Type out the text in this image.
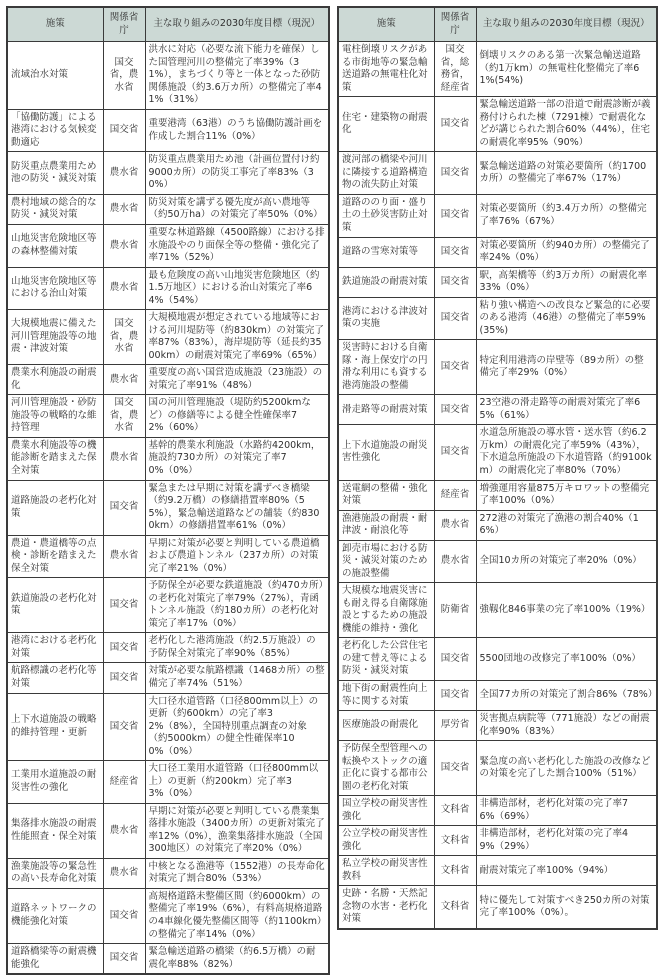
施策	関係省庁	主な取り組みの2030年度目標（現況）
流域治水対策	国交省，農水省	洪水に対応（必要な流下能力を確保）した国管理河川の整備完了率39%（31%），まちづくり等と一体となった砂防関係施設（約3.6万カ所）の整備完了率41%（31%）
「協働防護」による港湾における気候変動適応	国交省	重要港湾（63港）のうち協働防護計画を作成した割合11%（0%）
防災重点農業用ため池の防災・減災対策	農水省	防災重点農業用ため池（計画位置付け約9000カ所）の防災工事完了率83%（30%）
農村地域の総合的な防災・減災対策	農水省	防災対策を講ずる優先度が高い農地等（約50万ha）の対策完了率50%（0%）
山地災害危険地区等の森林整備対策	農水省	重要な林道路線（4500路線）における排水施設やのり面保全等の整備・強化完了率71%（52%）
山地災害危険地区等における治山対策	農水省	最も危険度の高い山地災害危険地区（約1.5万地区）における治山対策完了率64%（54%）
大規模地震に備えた河川管理施設等の地震・津波対策	国交省，農水省	大規模地震が想定されている地域等における河川堤防等（約830km）の対策完了率87%（83%），海岸堤防等（延長約3500km）の耐震対策完了率69%（65%）
農業水利施設の耐震化	農水省	重要度の高い国営造成施設（23施設）の対策完了率91%（48%）
河川管理施設・砂防施設等の戦略的な維持管理	国交省，農水省	国の河川管理施設（堤防約5200kmなど）の修繕等による健全性確保率72%（60%）
農業水利施設等の機能診断を踏まえた保全対策	農水省	基幹的農業水利施設（水路約4200km，施設約730カ所）の対策完了率70%（0%）
道路施設の老朽化対策	国交省	緊急または早期に対策を講ずべき橋梁（約9.2万橋）の修繕措置率80%（55%），緊急輸送道路などの舗装（約8300km）の修繕措置率61%（0%）
農道・農道橋等の点検・診断を踏まえた保全対策	農水省	早期に対策が必要と判明している農道橋および農道トンネル（237カ所）の対策完了率21%（0%）
鉄道施設の老朽化対策	国交省	予防保全が必要な鉄道施設（約470カ所）の老朽化対策完了率79%（27%），青函トンネル施設（約180カ所）の老朽化対策完了率17%（0%）
港湾における老朽化対策	国交省	老朽化した港湾施設（約2.5万施設）の予防保全対策完了率90%（85%）
航路標識の老朽化等対策	国交省	対策が必要な航路標識（1468カ所）の整備完了率74%（51%）
上下水道施設の戦略的維持管理・更新	国交省	大口径水道管路（口径800mm以上）の更新（約600km）の完了率32%（8%），全国特別重点調査の対象（約5000km）の健全性確保率100%（0%）
工業用水道施設の耐災害性の強化	経産省	大口径工業用水道管路（口径800mm以上）の更新（約200km）完了率33%（0%）
集落排水施設の耐震性能照査・保全対策	農水省	早期に対策が必要と判明している農業集落排水施設（3400カ所）の更新対策完了率12%（0%），漁業集落排水施設（全国300地区）の対策完了率20%（0%）
漁業施設等の緊急性の高い長寿命化対策	農水省	中核となる漁港等（1552港）の長寿命化対策完了割合80%（53%）
道路ネットワークの機能強化対策	国交省	高規格道路未整備区間（約6000km）の整備完了率19%（6%），有料高規格道路の4車線化優先整備区間等（約1100km）の整備完了率14%（0%）
道路橋梁等の耐震機能強化	国交省	緊急輸送道路の橋梁（約6.5万橋）の耐震化率88%（82%）
施策	関係省庁	主な取り組みの2030年度目標（現況）
電柱倒壊リスクがある市街地等の緊急輸送道路の無電柱化対策	国交省，総務省，経産省	倒壊リスクのある第一次緊急輸送道路（約1万km）の無電柱化整備完了率61%(54%)
住宅・建築物の耐震化	国交省	緊急輸送道路一部の沿道で耐震診断が義務付けられた棟（7291棟）で耐震化などが講じられた割合60%（44%），住宅の耐震化率95%（90%）
渡河部の橋梁や河川に隣接する道路構造物の流失防止対策	国交省	緊急輸送道路の対策必要箇所（約1700カ所）の整備完了率67%（17%）
道路ののり面・盛り土の土砂災害防止対策	国交省	対策必要箇所（約3.4万カ所）の整備完了率76%（67%）
道路の雪寒対策等	国交省	対策必要箇所（約940カ所）の整備完了率24%（0%）
鉄道施設の耐震対策	国交省	駅，高架橋等（約3万カ所）の耐震化率33%（0%）
港湾における津波対策の実施	国交省	粘り強い構造への改良など緊急的に必要のある港湾（46港）の整備完了率59%(35%)
災害時における自衛隊・海上保安庁の円滑な利用にも資する港湾施設の整備	国交省	特定利用港湾の岸壁等（89カ所）の整備完了率29%（0%）
滑走路等の耐震対策	国交省	23空港の滑走路等の耐震対策完了率65%（61%）
上下水道施設の耐災害性強化	国交省	水道急所施設の導水管・送水管（約6.2万km）の耐震化完了率59%（43%），下水道急所施設の下水道管路（約9100km）の耐震化完了率80%（70%）
送電網の整備・強化対策	経産省	増強運用容量875万キロワットの整備完了率100%（0%）
漁港施設の耐震・耐津波・耐浪化等	農水省	272港の対策完了漁港の割合40%（16%）
卸売市場における防災・減災対策のための施設整備	農水省	全国10カ所の対策完了率20%（0%）
大規模な地震災害にも耐え得る自衛隊施設とするための施設機能の維持・強化	防衛省	強靱化846事業の完了率100%（19%）
老朽化した公営住宅の建て替え等による防災・減災対策	国交省	5500団地の改修完了率100%（0%）
地下街の耐震性向上等に関する対策	国交省	全国77カ所の対策完了割合86%（78%）
医療施設の耐震化	厚労省	災害拠点病院等（771施設）などの耐震化率90%（83%）
予防保全型管理への転換やストックの適正化に資する都市公園の老朽化対策	国交省	緊急度の高い老朽化した施設の改修などの対策を完了した割合100%（51%）
国立学校の耐災害性強化	文科省	非構造部材，老朽化対策の完了率76%（69%）
公立学校の耐災害性強化	文科省	非構造部材，老朽化対策の完了率49%（29%）
私立学校の耐災害性教科	文科省	耐震対策完了率100%（94%）
史跡・名勝・天然記念物の水害・老朽化対策	文科省	特に優先して対策すべき250カ所の対策完了率100%（0%）。
